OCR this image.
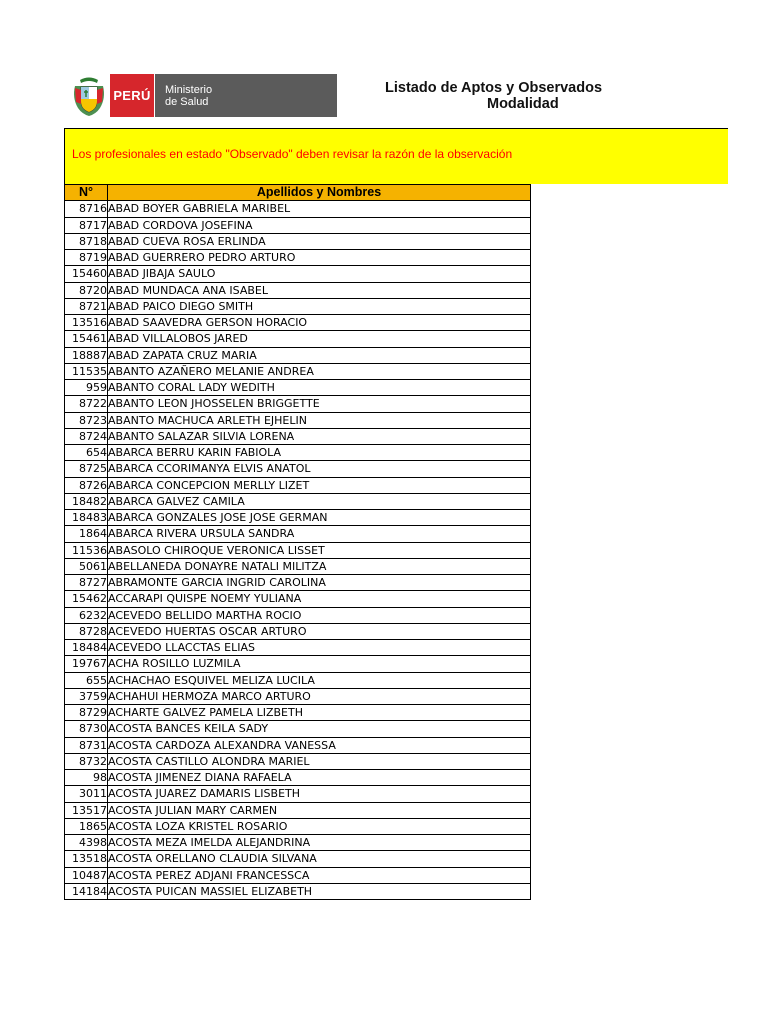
PERÚ	Ministerio
de Salud
Listado de Aptos y Observados
Modalidad
Los profesionales en estado "Observado" deben revisar la razón de la observación
N°	Apellidos y Nombres
8716	ABAD BOYER GABRIELA MARIBEL
8717	ABAD CORDOVA JOSEFINA
8718	ABAD CUEVA ROSA ERLINDA
8719	ABAD GUERRERO PEDRO ARTURO
15460	ABAD JIBAJA SAULO
8720	ABAD MUNDACA ANA ISABEL
8721	ABAD PAICO DIEGO SMITH
13516	ABAD SAAVEDRA GERSON HORACIO
15461	ABAD VILLALOBOS JARED
18887	ABAD ZAPATA CRUZ MARIA
11535	ABANTO AZAÑERO MELANIE ANDREA
959	ABANTO CORAL LADY WEDITH
8722	ABANTO LEON JHOSSELEN BRIGGETTE
8723	ABANTO MACHUCA ARLETH EJHELIN
8724	ABANTO SALAZAR SILVIA LORENA
654	ABARCA BERRU KARIN FABIOLA
8725	ABARCA CCORIMANYA ELVIS ANATOL
8726	ABARCA CONCEPCION MERLLY LIZET
18482	ABARCA GALVEZ CAMILA
18483	ABARCA GONZALES JOSE JOSE GERMAN
1864	ABARCA RIVERA URSULA SANDRA
11536	ABASOLO CHIROQUE VERONICA LISSET
5061	ABELLANEDA DONAYRE NATALI MILITZA
8727	ABRAMONTE GARCIA INGRID CAROLINA
15462	ACCARAPI QUISPE NOEMY YULIANA
6232	ACEVEDO BELLIDO MARTHA ROCIO
8728	ACEVEDO HUERTAS OSCAR ARTURO
18484	ACEVEDO LLACCTAS ELIAS
19767	ACHA ROSILLO LUZMILA
655	ACHACHAO ESQUIVEL MELIZA LUCILA
3759	ACHAHUI HERMOZA MARCO ARTURO
8729	ACHARTE GALVEZ PAMELA LIZBETH
8730	ACOSTA BANCES KEILA SADY
8731	ACOSTA CARDOZA ALEXANDRA VANESSA
8732	ACOSTA CASTILLO ALONDRA MARIEL
98	ACOSTA JIMENEZ DIANA RAFAELA
3011	ACOSTA JUAREZ DAMARIS LISBETH
13517	ACOSTA JULIAN MARY CARMEN
1865	ACOSTA LOZA KRISTEL ROSARIO
4398	ACOSTA MEZA IMELDA ALEJANDRINA
13518	ACOSTA ORELLANO CLAUDIA SILVANA
10487	ACOSTA PEREZ ADJANI FRANCESSCA
14184	ACOSTA PUICAN MASSIEL ELIZABETH
